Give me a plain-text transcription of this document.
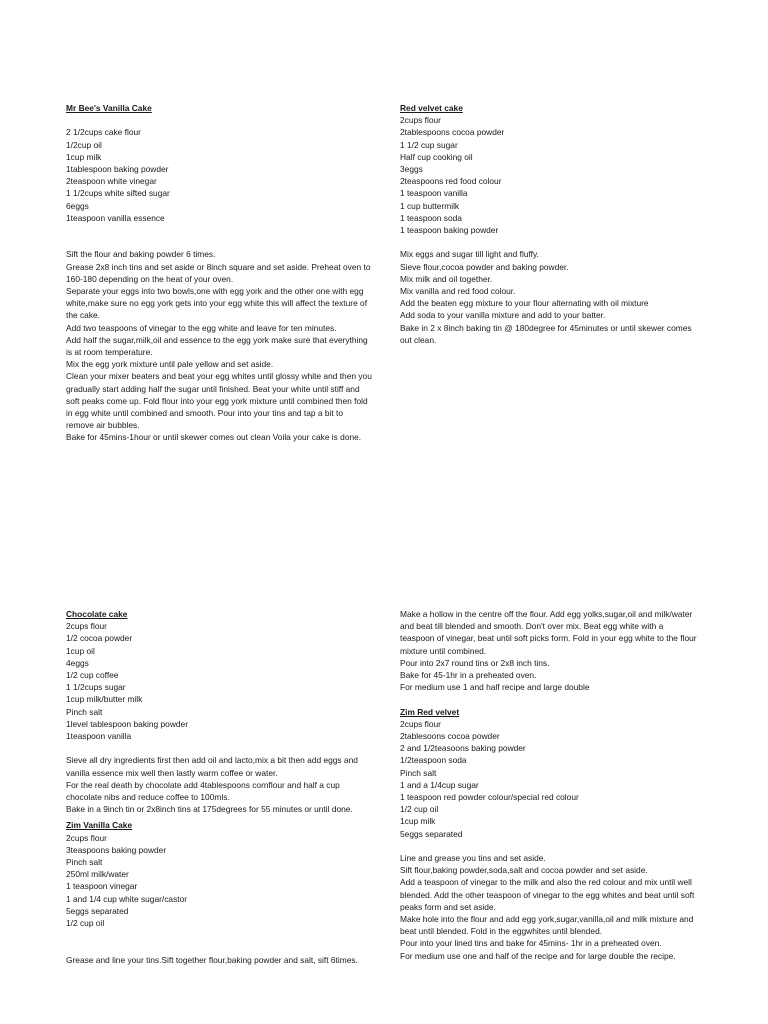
Mr Bee's Vanilla Cake
2 1/2cups cake flour
1/2cup oil
1cup milk
1tablespoon baking powder
2teaspoon white vinegar
1 1/2cups white sifted sugar
6eggs
1teaspoon vanilla essence
Sift the flour and baking powder 6 times.
Grease 2x8 inch tins and set aside or 8inch square and set aside. Preheat oven to 160-180 depending on the heat of your oven.
Separate your eggs into two bowls,one with egg york and the other one with egg white,make sure no egg york gets into your egg white this will affect the texture of the cake.
Add two teaspoons of vinegar to the egg white and leave for ten minutes.
Add half the sugar,milk,oil and essence to the egg york make sure that everything is at room temperature.
Mix the egg york mixture until pale yellow and set aside.
Clean your mixer beaters and beat your egg whites until glossy white and then you gradually start adding half the sugar until finished. Beat your white until stiff and soft peaks come up. Fold flour into your egg york mixture until combined then fold in egg white until combined and smooth. Pour into your tins and tap a bit to remove air bubbles.
Bake for 45mins-1hour or until skewer comes out clean Voila your cake is done.
Red velvet cake
2cups flour
2tablespoons cocoa powder
1 1/2 cup sugar
Half cup cooking oil
3eggs
2teaspoons red food colour
1 teaspoon vanilla
1 cup buttermilk
1 teaspoon soda
1 teaspoon baking powder
Mix eggs and sugar till light and fluffy.
Sieve flour,cocoa powder and baking powder.
Mix milk and oil together.
Mix vanilla and red food colour.
Add the beaten egg mixture to your flour alternating with oil mixture
Add soda to your vanilla mixture and add to your batter.
Bake in 2 x 8inch baking tin @ 180degree for 45minutes or until skewer comes out clean.
Chocolate cake
2cups flour
1/2 cocoa powder
1cup oil
4eggs
1/2 cup coffee
1 1/2cups sugar
1cup milk/butter milk
Pinch salt
1level tablespoon baking powder
1teaspoon vanilla
Sieve all dry ingredients first then add oil and lacto,mix a bit then add eggs and vanilla essence mix well then lastly warm coffee or water.
For the real death by chocolate add 4tablespoons cornflour and half a cup chocolate nibs and reduce coffee to 100mls.
Bake in a 9inch tin or 2x8inch tins at 175degrees for 55 minutes or until done.
Zim Vanilla Cake
2cups flour
3teaspoons baking powder
Pinch salt
250ml milk/water
1 teaspoon vinegar
1 and 1/4 cup white sugar/castor
5eggs separated
1/2 cup oil
Grease and line your tins.Sift together flour,baking powder and salt, sift 6times.
Make a hollow in the centre off the flour. Add egg yolks,sugar,oil and milk/water and beat till blended and smooth. Don't over mix. Beat egg white with a teaspoon of vinegar, beat until soft picks form. Fold in your egg white to the flour mixture until combined.
Pour into 2x7 round tins or 2x8 inch tins.
Bake for 45-1hr in a preheated oven.
For medium use 1 and half recipe and large double
Zim Red velvet
2cups flour
2tablesoons cocoa powder
2 and 1/2teasoons baking powder
1/2teaspoon soda
Pinch salt
1 and a 1/4cup sugar
1 teaspoon red powder colour/special red colour
1/2 cup oil
1cup milk
5eggs separated
Line and grease you tins and set aside.
Sift flour,baking powder,soda,salt and cocoa powder and set aside.
Add a teaspoon of vinegar to the milk and also the red colour and mix until well blended. Add the other teaspoon of vinegar to the egg whites and beat until soft peaks form and set aside.
Make hole into the flour and add egg york,sugar,vanilla,oil and milk mixture and beat until blended. Fold in the eggwhites until blended.
Pour into your lined tins and bake for 45mins- 1hr in a preheated oven.
For medium use one and half of the recipe and for large double the recipe.
